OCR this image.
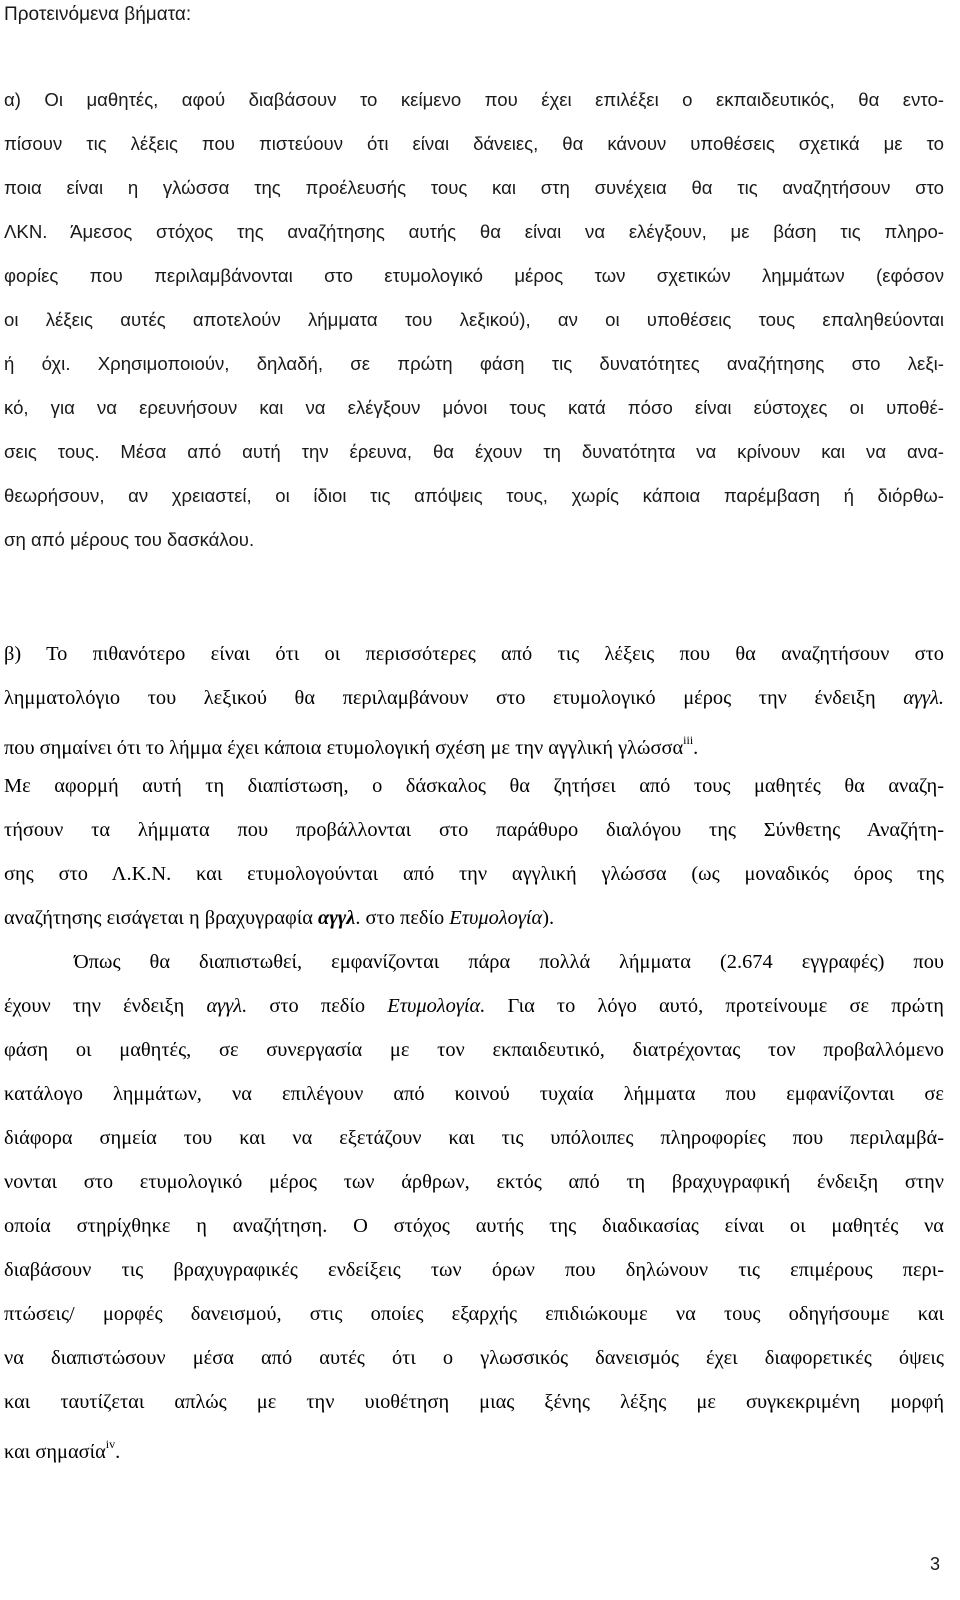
Προτεινόμενα βήματα:
α) Οι μαθητές, αφού διαβάσουν το κείμενο που έχει επιλέξει ο εκπαιδευτικός, θα εντο-
πίσουν τις λέξεις που πιστεύουν ότι είναι δάνειες, θα κάνουν υποθέσεις σχετικά με το
ποια είναι η γλώσσα της προέλευσής τους και στη συνέχεια θα τις αναζητήσουν στο
ΛΚΝ. Άμεσος στόχος της αναζήτησης αυτής θα είναι να ελέγξουν, με βάση τις πληρο-
φορίες που περιλαμβάνονται στο ετυμολογικό μέρος των σχετικών λημμάτων (εφόσον
οι λέξεις αυτές αποτελούν λήμματα του λεξικού), αν οι υποθέσεις τους επαληθεύονται
ή όχι. Χρησιμοποιούν, δηλαδή, σε πρώτη φάση τις δυνατότητες αναζήτησης στο λεξι-
κό, για να ερευνήσουν και να ελέγξουν μόνοι τους κατά πόσο είναι εύστοχες οι υποθέ-
σεις τους. Μέσα από αυτή την έρευνα, θα έχουν τη δυνατότητα να κρίνουν και να ανα-
θεωρήσουν, αν χρειαστεί, οι ίδιοι τις απόψεις τους, χωρίς κάποια παρέμβαση ή διόρθω-
ση από μέρους του δασκάλου.
β) Το πιθανότερο είναι ότι οι περισσότερες από τις λέξεις που θα αναζητήσουν στο
λημματολόγιο του λεξικού θα περιλαμβάνουν στο ετυμολογικό μέρος την ένδειξη αγγλ.
που σημαίνει ότι το λήμμα έχει κάποια ετυμολογική σχέση με την αγγλική γλώσσα$^{iii}$.
Με αφορμή αυτή τη διαπίστωση, ο δάσκαλος θα ζητήσει από τους μαθητές θα αναζη-
τήσουν τα λήμματα που προβάλλονται στο παράθυρο διαλόγου της Σύνθετης Αναζήτη-
σης στο Λ.Κ.Ν. και ετυμολογούνται από την αγγλική γλώσσα (ως μοναδικός όρος της
αναζήτησης εισάγεται η βραχυγραφία αγγλ. στο πεδίο Ετυμολογία).
Όπως θα διαπιστωθεί, εμφανίζονται πάρα πολλά λήμματα (2.674 εγγραφές) που
έχουν την ένδειξη αγγλ. στο πεδίο Ετυμολογία. Για το λόγο αυτό, προτείνουμε σε πρώτη
φάση οι μαθητές, σε συνεργασία με τον εκπαιδευτικό, διατρέχοντας τον προβαλλόμενο
κατάλογο λημμάτων, να επιλέγουν από κοινού τυχαία λήμματα που εμφανίζονται σε
διάφορα σημεία του και να εξετάζουν και τις υπόλοιπες πληροφορίες που περιλαμβά-
νονται στο ετυμολογικό μέρος των άρθρων, εκτός από τη βραχυγραφική ένδειξη στην
οποία στηρίχθηκε η αναζήτηση. Ο στόχος αυτής της διαδικασίας είναι οι μαθητές να
διαβάσουν τις βραχυγραφικές ενδείξεις των όρων που δηλώνουν τις επιμέρους περι-
πτώσεις/ μορφές δανεισμού, στις οποίες εξαρχής επιδιώκουμε να τους οδηγήσουμε και
να διαπιστώσουν μέσα από αυτές ότι ο γλωσσικός δανεισμός έχει διαφορετικές όψεις
και ταυτίζεται απλώς με την υιοθέτηση μιας ξένης λέξης με συγκεκριμένη μορφή
και σημασία$^{iv}$.
3
